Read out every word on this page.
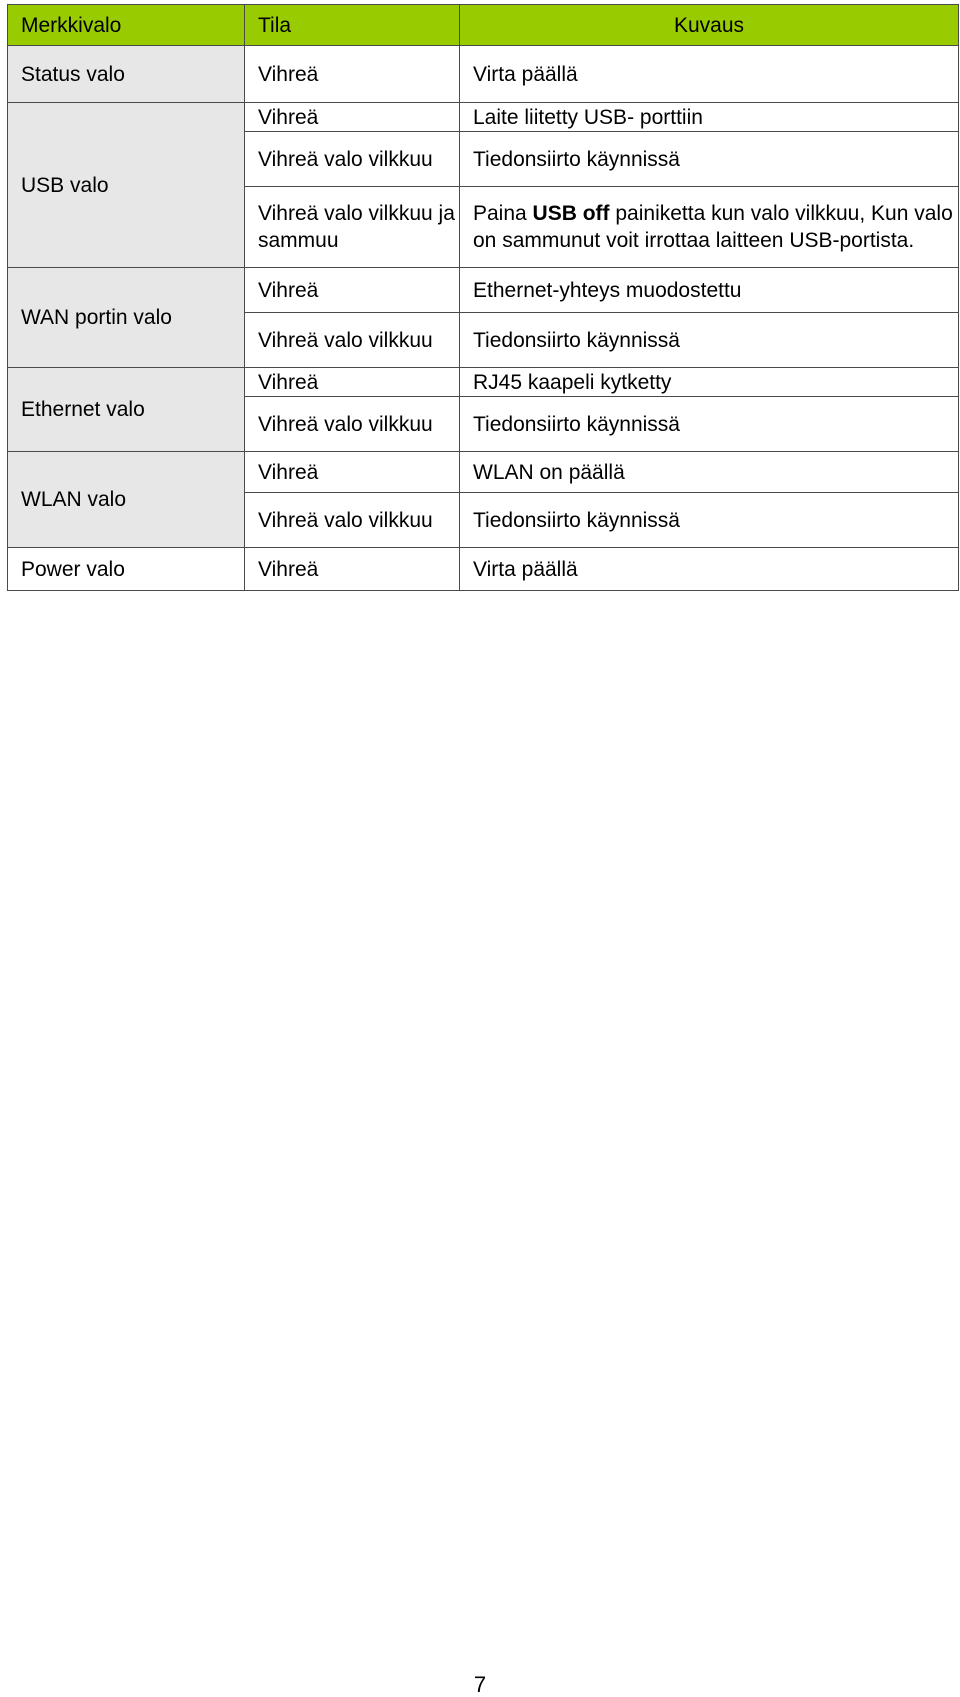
Merkkivalo	Tila	Kuvaus
Status valo	Vihreä	Virta päällä
USB valo	Vihreä	Laite liitetty USB- porttiin
	Vihreä valo vilkkuu	Tiedonsiirto käynnissä
	Vihreä valo vilkkuu ja sammuu	Paina USB off painiketta kun valo vilkkuu, Kun valo on sammunut voit irrottaa laitteen USB-portista.
WAN portin valo	Vihreä	Ethernet-yhteys muodostettu
	Vihreä valo vilkkuu	Tiedonsiirto käynnissä
Ethernet valo	Vihreä	RJ45 kaapeli kytketty
	Vihreä valo vilkkuu	Tiedonsiirto käynnissä
WLAN valo	Vihreä	WLAN on päällä
	Vihreä valo vilkkuu	Tiedonsiirto käynnissä
Power valo	Vihreä	Virta päällä
7
